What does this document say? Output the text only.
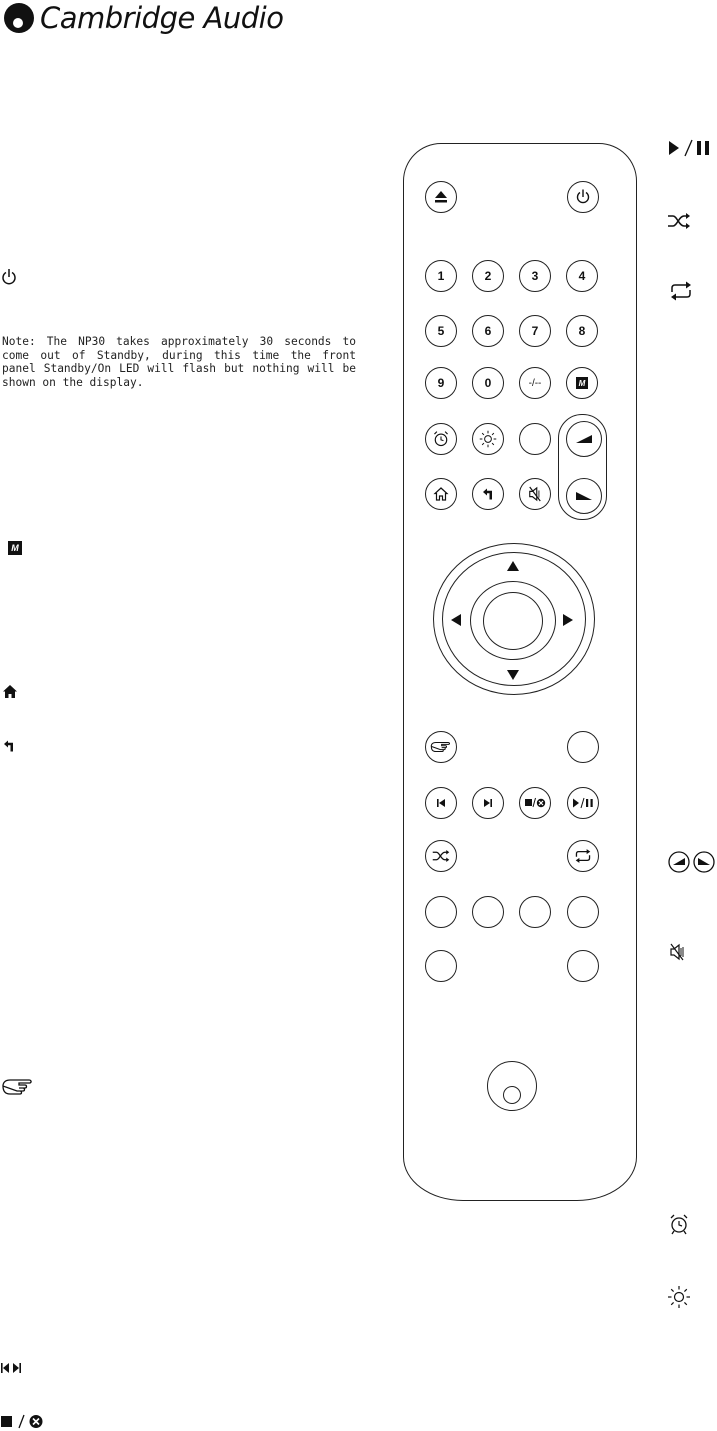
Cambridge Audio
Note: The NP30 takes approximately 30 seconds to come out of Standby, during this time the front panel Standby/On LED will flash but nothing will be shown on the display.
M
1	2	3	4
5	6	7	8
9	0	-/--	M
